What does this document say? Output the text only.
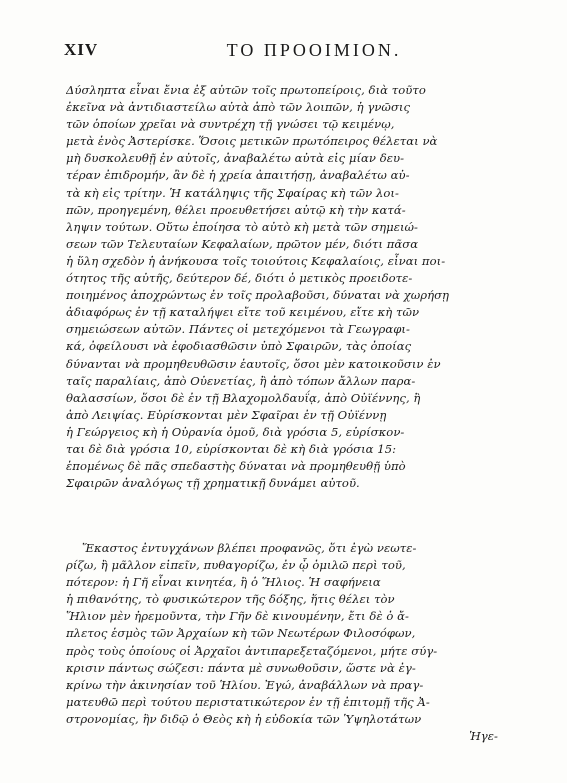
XIV	ΤΟ ΠΡΟΟΙΜΙΟΝ.
Δύσληπτα εἶναι ἔνια ἐξ αὐτῶν τοῖς πρωτοπείροις, διὰ τοῦτο
ἐκεῖνα νὰ ἀντιδιαστείλω αὐτὰ ἀπὸ τῶν λοιπῶν, ἡ γνῶσις
τῶν ὁποίων χρεῖαι νὰ συντρέχη τῇ γνώσει τῷ κειμένῳ,
μετὰ ἑνὸς Ἀστερίσκε. Ὅσοις μετικῶν πρωτόπειρος θέλεται νὰ
μὴ δυσκολευθῇ ἐν αὐτοῖς, ἀναβαλέτω αὐτὰ εἰς μίαν δευ-
τέραν ἐπιδρομήν, ἂν δὲ ἡ χρεία ἀπαιτήσῃ, ἀναβαλέτω αὐ-
τὰ κὴ εἰς τρίτην. Ἡ κατάληψις τῆς Σφαίρας κὴ τῶν λοι-
πῶν, προηγεμένη, θέλει προευθετήσει αὐτῷ κὴ τὴν κατά-
ληψιν τούτων. Οὕτω ἐποίησα τὸ αὐτὸ κὴ μετὰ τῶν σημειώ-
σεων τῶν Τελευταίων Κεφαλαίων, πρῶτον μέν, διότι πᾶσα
ἡ ὕλη σχεδὸν ἡ ἀνήκουσα τοῖς τοιούτοις Κεφαλαίοις, εἶναι ποι-
ότητος τῆς αὐτῆς, δεύτερον δέ, διότι ὁ μετικὸς προειδοτε-
ποιημένος ἀποχρώντως ἐν τοῖς προλαβοῦσι, δύναται νὰ χωρήσῃ
ἀδιαφόρως ἐν τῇ καταλήψει εἴτε τοῦ κειμένου, εἴτε κὴ τῶν
σημειώσεων αὐτῶν. Πάντες οἱ μετεχόμενοι τὰ Γεωγραφι-
κά, ὀφείλουσι νὰ ἐφοδιασθῶσιν ὑπὸ Σφαιρῶν, τὰς ὁποίας
δύνανται νὰ προμηθευθῶσιν ἑαυτοῖς, ὅσοι μὲν κατοικοῦσιν ἐν
ταῖς παραλίαις, ἀπὸ Οὐενετίας, ἢ ἀπὸ τόπων ἄλλων παρα-
θαλασσίων, ὅσοι δὲ ἐν τῇ Βλαχομολδαυΐᾳ, ἀπὸ Οὐϊέννης, ἢ
ἀπὸ Λειψίας. Εὑρίσκονται μὲν Σφαῖραι ἐν τῇ Οὐϊέννῃ
ἡ Γεώργειος κὴ ἡ Οὐρανία ὁμοῦ, διὰ γρόσια 5, εὑρίσκον-
ται δὲ διὰ γρόσια 10, εὑρίσκονται δὲ κὴ διὰ γρόσια 15:
ἑπομένως δὲ πᾶς σπεδαστὴς δύναται νὰ προμηθευθῇ ὑπὸ
Σφαιρῶν ἀναλόγως τῇ χρηματικῇ δυνάμει αὐτοῦ.
Ἕκαστος ἐντυγχάνων βλέπει προφανῶς, ὅτι ἐγὼ νεωτε-
ρίζω, ἢ μᾶλλον εἰπεῖν, πυθαγορίζω, ἐν ᾧ ὁμιλῶ περὶ τοῦ,
πότερον: ἡ Γῆ εἶναι κινητέα, ἢ ὁ Ἥλιος. Ἡ σαφήνεια
ἡ πιθανότης, τὸ φυσικώτερον τῆς δόξης, ἥτις θέλει τὸν
Ἥλιον μὲν ἠρεμοῦντα, τὴν Γῆν δὲ κινουμένην, ἔτι δὲ ὁ ἄ-
πλετος ἑσμὸς τῶν Ἀρχαίων κὴ τῶν Νεωτέρων Φιλοσόφων,
πρὸς τοὺς ὁποίους οἱ Ἀρχαῖοι ἀντιπαρεξεταζόμενοι, μήτε σύγ-
κρισιν πάντως σώζεσι: πάντα μὲ συνωθοῦσιν, ὥστε νὰ ἐγ-
κρίνω τὴν ἀκινησίαν τοῦ Ἡλίου. Ἐγώ, ἀναβάλλων νὰ πραγ-
ματευθῶ περὶ τούτου περιστατικώτερον ἐν τῇ ἐπιτομῇ τῆς Ἀ-
στρονομίας, ἣν διδῷ ὁ Θεὸς κὴ ἡ εὐδοκία τῶν Ὑψηλοτάτων
Ἡγε-
